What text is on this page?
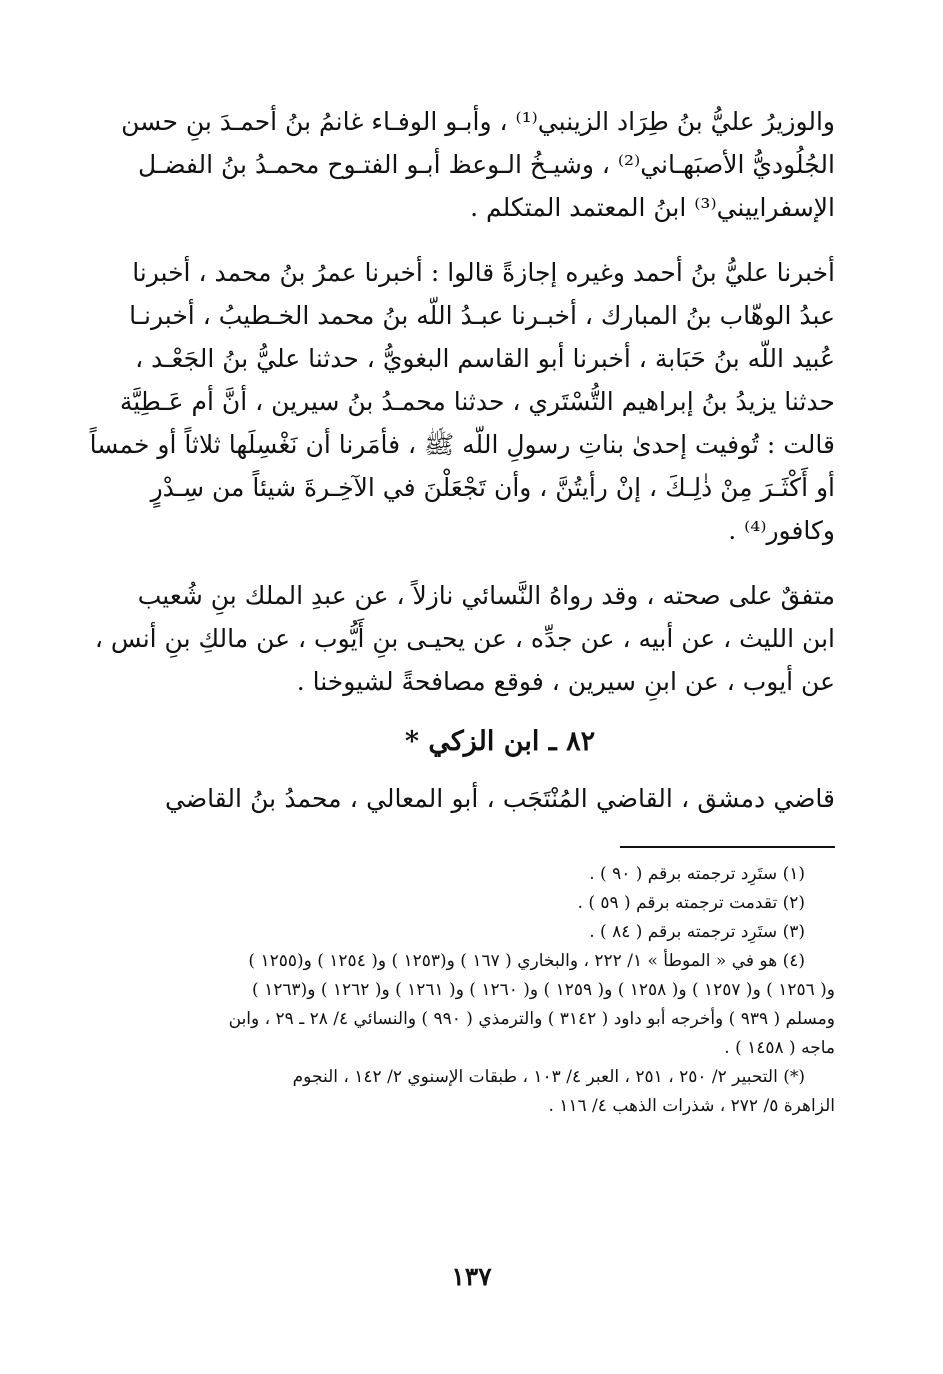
والوزيرُ عليُّ بنُ طِرَاد الزينبي⁽¹⁾ ، وأبـو الوفـاء غانمُ بنُ أحمـدَ بنِ حسن
الجُلُوديُّ الأصبَهـاني⁽²⁾ ، وشيـخُ الـوعظ أبـو الفتـوح محمـدُ بنُ الفضـل
الإسفراييني⁽³⁾ ابنُ المعتمد المتكلم .

أخبرنا عليُّ بنُ أحمد وغيره إجازةً قالوا : أخبرنا عمرُ بنُ محمد ، أخبرنا
عبدُ الوهّاب بنُ المبارك ، أخبـرنا عبـدُ اللّه بنُ محمد الخـطيبُ ، أخبرنـا
عُبيد اللّه بنُ حَبَابة ، أخبرنا أبو القاسم البغويُّ ، حدثنا عليُّ بنُ الجَعْـد ،
حدثنا يزيدُ بنُ إبراهيم التُّسْتَري ، حدثنا محمـدُ بنُ سيرين ، أنَّ أم عَـطِيَّة
قالت : تُوفيت إحدىٰ بناتِ رسولِ اللّه ﷺ ، فأمَرنا أن نَغْسِلَها ثلاثاً أو خمساً
أو أَكْثَـرَ مِنْ ذٰلِـكَ ، إنْ رأيتُنَّ ، وأن تَجْعَلْنَ في الآخِـرةَ شيئاً من سِـدْرٍ
وكافور⁽⁴⁾ .

متفقٌ على صحته ، وقد رواهُ النَّسائي نازلاً ، عن عبدِ الملك بنِ شُعيب
ابن الليث ، عن أبيه ، عن جدِّه ، عن يحيـى بنِ أَيُّوب ، عن مالكِ بنِ أنس ،
عن أيوب ، عن ابنِ سيرين ، فوقع مصافحةً لشيوخنا .

٨٢ ـ ابن الزكي *

قاضي دمشق ، القاضي المُنْتَجَب ، أبو المعالي ، محمدُ بنُ القاضي

(١) ستَرِد ترجمته برقم ( ٩٠ ) .
(٢) تقدمت ترجمته برقم ( ٥٩ ) .
(٣) ستَرِد ترجمته برقم ( ٨٤ ) .
(٤) هو في « الموطأ » ١/ ٢٢٢ ، والبخاري ( ١٦٧ ) و(١٢٥٣ ) و( ١٢٥٤ ) و(١٢٥٥ )
و( ١٢٥٦ ) و( ١٢٥٧ ) و( ١٢٥٨ ) و( ١٢٥٩ ) و( ١٢٦٠ ) و( ١٢٦١ ) و( ١٢٦٢ ) و(١٢٦٣ )
ومسلم ( ٩٣٩ ) وأخرجه أبو داود ( ٣١٤٢ ) والترمذي ( ٩٩٠ ) والنسائي ٤/ ٢٨ ـ ٢٩ ، وابن
ماجه ( ١٤٥٨ ) .
(*) التحبير ٢/ ٢٥٠ ، ٢٥١ ، العبر ٤/ ١٠٣ ، طبقات الإسنوي ٢/ ١٤٢ ، النجوم
الزاهرة ٥/ ٢٧٢ ، شذرات الذهب ٤/ ١١٦ .
١٣٧
